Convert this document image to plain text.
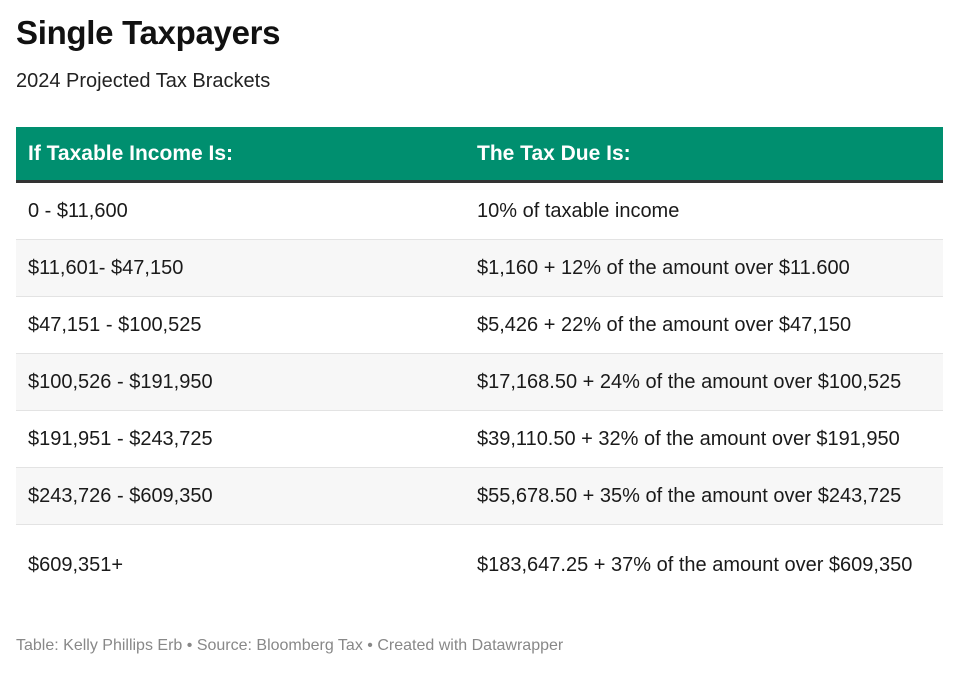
Single Taxpayers
2024 Projected Tax Brackets
If Taxable Income Is:	The Tax Due Is:
0 - $11,600	10% of taxable income
$11,601- $47,150	$1,160 + 12% of the amount over $11.600
$47,151 - $100,525	$5,426 + 22% of the amount over $47,150
$100,526 - $191,950	$17,168.50 + 24% of the amount over $100,525
$191,951 - $243,725	$39,110.50 + 32% of the amount over $191,950
$243,726 - $609,350	$55,678.50 + 35% of the amount over $243,725
$609,351+	$183,647.25 + 37% of the amount over $609,350
Table: Kelly Phillips Erb • Source: Bloomberg Tax • Created with Datawrapper
